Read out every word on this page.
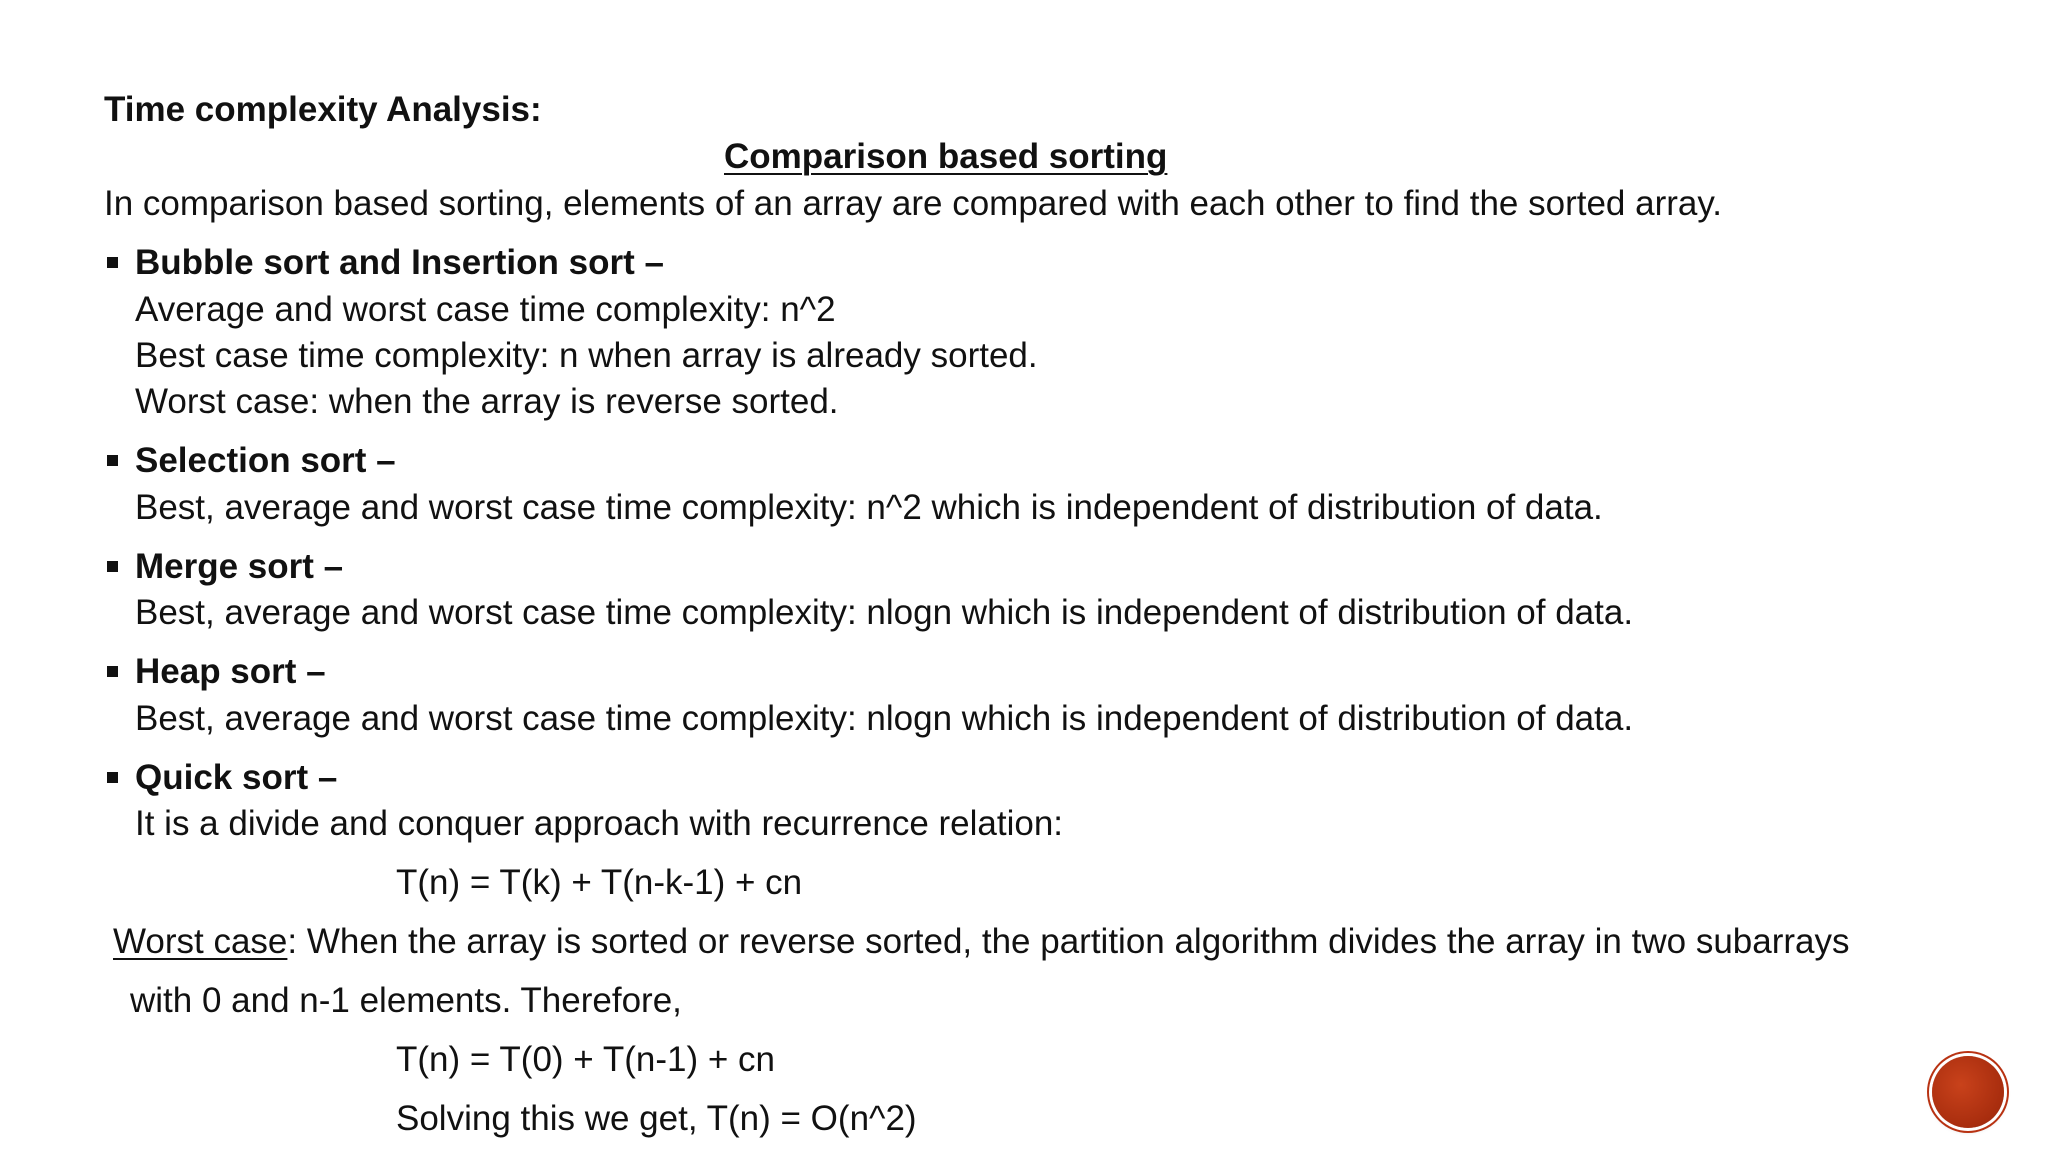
Time complexity Analysis:

Comparison based sorting

In comparison based sorting, elements of an array are compared with each other to find the sorted array.

Bubble sort and Insertion sort –

Average and worst case time complexity: n^2

Best case time complexity: n when array is already sorted.

Worst case: when the array is reverse sorted.

Selection sort –

Best, average and worst case time complexity: n^2 which is independent of distribution of data.

Merge sort –

Best, average and worst case time complexity: nlogn which is independent of distribution of data.

Heap sort –

Best, average and worst case time complexity: nlogn which is independent of distribution of data.

Quick sort –

It is a divide and conquer approach with recurrence relation:

T(n) = T(k) + T(n-k-1) + cn

Worst case: When the array is sorted or reverse sorted, the partition algorithm divides the array in two subarrays

with 0 and n-1 elements. Therefore,

T(n) = T(0) + T(n-1) + cn

Solving this we get, T(n) = O(n^2)
